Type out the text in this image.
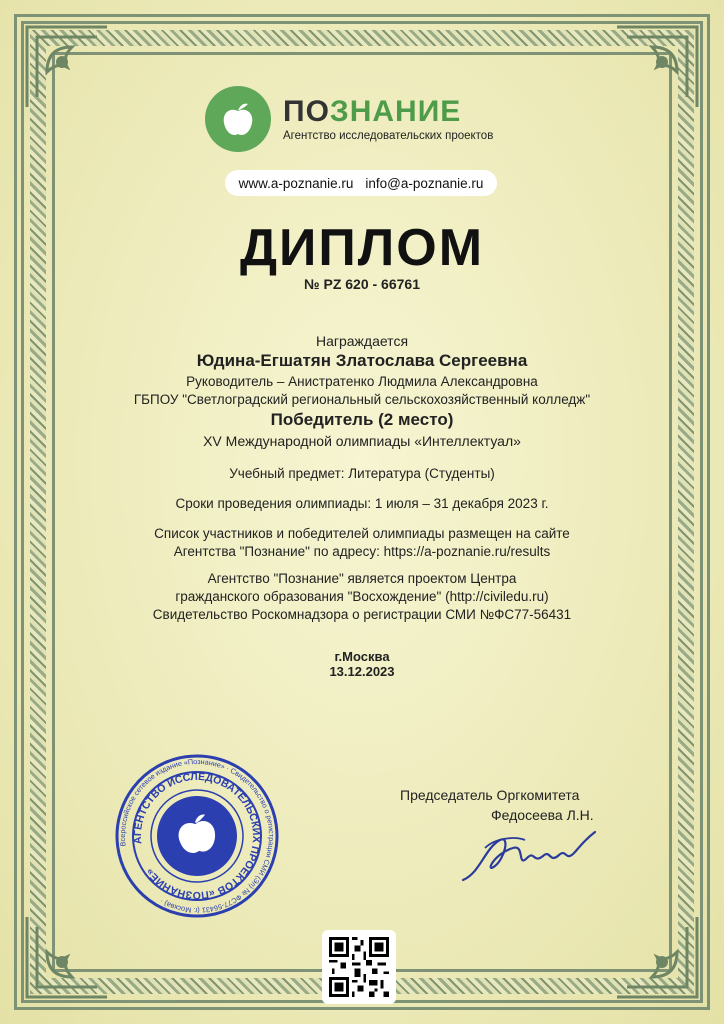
ПОЗНАНИЕ
Агентство исследовательских проектов
www.a-poznanie.ru info@a-poznanie.ru
ДИПЛОМ
№ PZ 620 - 66761
Награждается
Юдина-Егшатян Златослава Сергеевна
Руководитель – Анистратенко Людмила Александровна
ГБПОУ "Светлоградский региональный сельскохозяйственный колледж"
Победитель (2 место)
XV Международной олимпиады «Интеллектуал»
Учебный предмет: Литература (Студенты)
Сроки проведения олимпиады: 1 июля – 31 декабря 2023 г.
Список участников и победителей олимпиады размещен на сайте
Агентства "Познание" по адресу: https://a-poznanie.ru/results
Агентство "Познание" является проектом Центра
гражданского образования "Восхождение" (http://civiledu.ru)
Свидетельство Роскомнадзора о регистрации СМИ №ФС77-56431
г.Москва
13.12.2023
Председатель Оргкомитета
Федосеева Л.Н.
Всероссийское сетевое издание «Познание» · Свидетельство о регистрации СМИ (Эл) № ФС77-56431 (г. Москва) ·
АГЕНТСТВО ИССЛЕДОВАТЕЛЬСКИХ ПРОЕКТОВ «ПОЗНАНИЕ»
